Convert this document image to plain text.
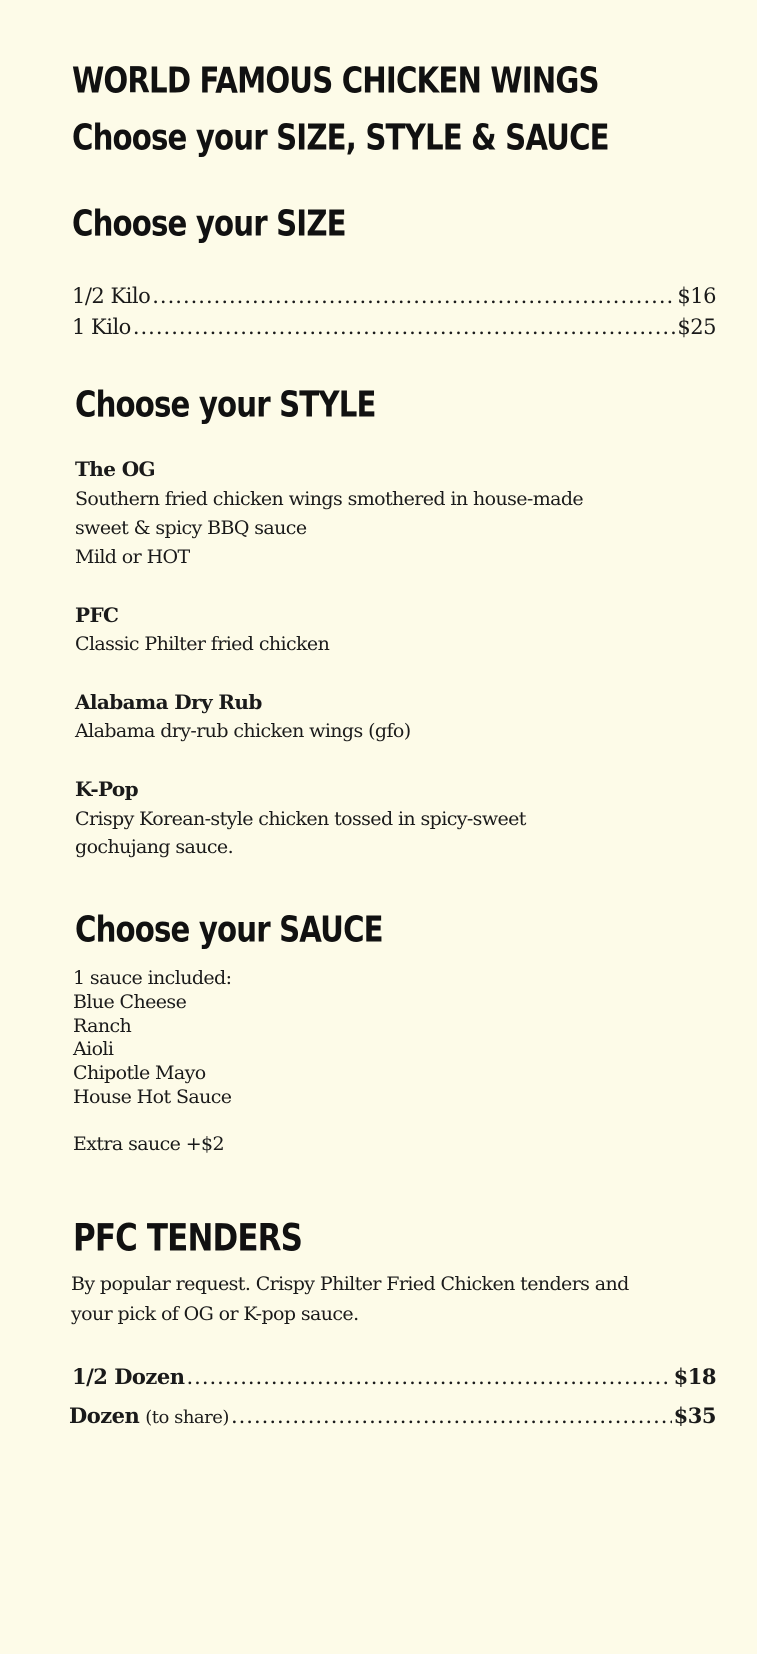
WORLD FAMOUS CHICKEN WINGS
Choose your SIZE, STYLE & SAUCE
Choose your SIZE
1/2 Kilo .....	$16
1 Kilo .....	$25
Choose your STYLE
The OG
Southern fried chicken wings smothered in house-made
sweet & spicy BBQ sauce
Mild or HOT
PFC
Classic Philter fried chicken
Alabama Dry Rub
Alabama dry-rub chicken wings (gfo)
K-Pop
Crispy Korean-style chicken tossed in spicy-sweet
gochujang sauce.
Choose your SAUCE
1 sauce included:
Blue Cheese
Ranch
Aioli
Chipotle Mayo
House Hot Sauce
Extra sauce +$2
PFC TENDERS
By popular request. Crispy Philter Fried Chicken tenders and
your pick of OG or K-pop sauce.
1/2 Dozen .....	$18
Dozen (to share) .....	$35
